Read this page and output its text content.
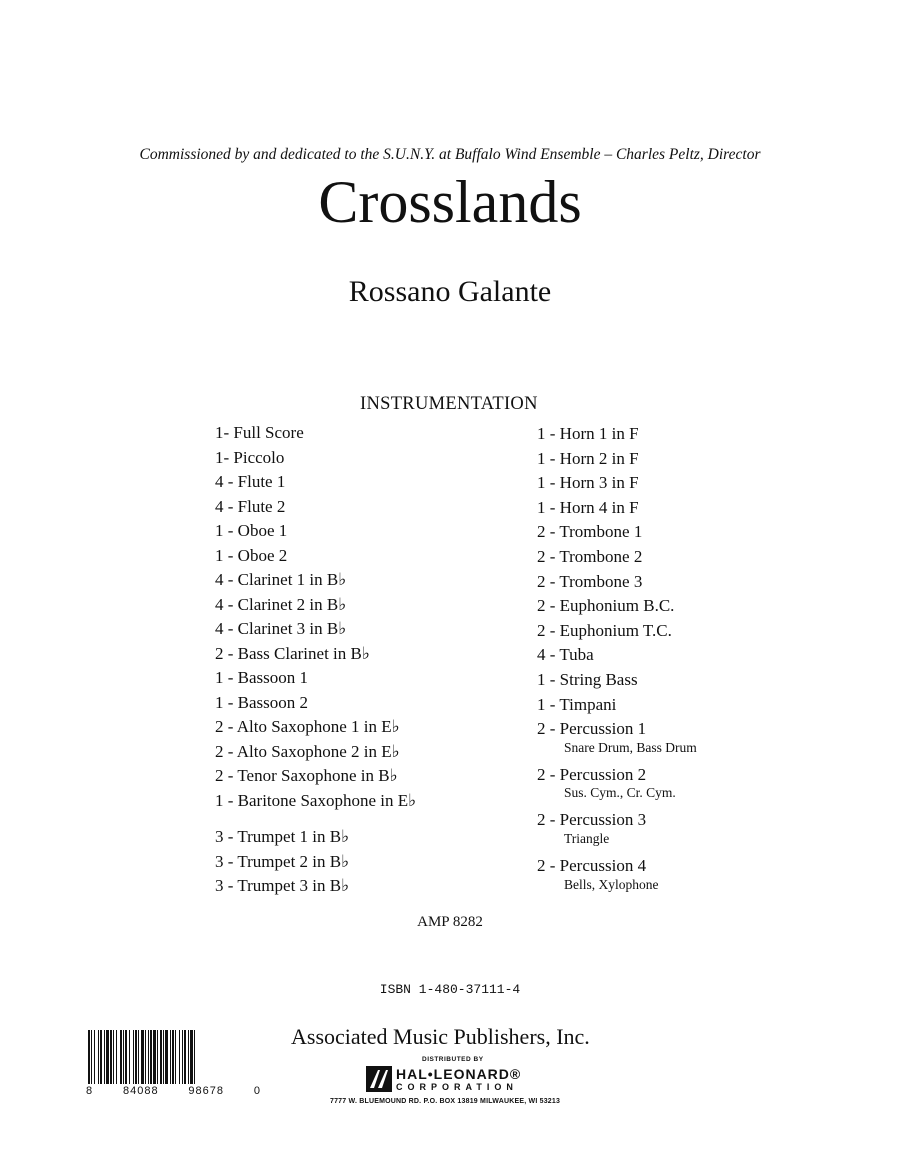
Commissioned by and dedicated to the S.U.N.Y. at Buffalo Wind Ensemble – Charles Peltz, Director
Crosslands
Rossano Galante
INSTRUMENTATION
1- Full Score
1- Piccolo
4 - Flute 1
4 - Flute 2
1 - Oboe 1
1 - Oboe 2
4 - Clarinet 1 in B♭
4 - Clarinet 2 in B♭
4 - Clarinet 3 in B♭
2 - Bass Clarinet in B♭
1 - Bassoon 1
1 - Bassoon 2
2 - Alto Saxophone 1 in E♭
2 - Alto Saxophone 2 in E♭
2 - Tenor Saxophone in B♭
1 - Baritone Saxophone in E♭
3 - Trumpet 1 in B♭
3 - Trumpet 2 in B♭
3 - Trumpet 3 in B♭
1 - Horn 1 in F
1 - Horn 2 in F
1 - Horn 3 in F
1 - Horn 4 in F
2 - Trombone 1
2 - Trombone 2
2 - Trombone 3
2 - Euphonium B.C.
2 - Euphonium T.C.
4 - Tuba
1 - String Bass
1 - Timpani
2 - Percussion 1
Snare Drum, Bass Drum
2 - Percussion 2
Sus. Cym., Cr. Cym.
2 - Percussion 3
Triangle
2 - Percussion 4
Bells, Xylophone
AMP 8282
ISBN 1-480-37111-4
8	84088	98678	0
Associated Music Publishers, Inc.
DISTRIBUTED BY
HAL•LEONARD®
CORPORATION
7777 W. BLUEMOUND RD. P.O. BOX 13819 MILWAUKEE, WI 53213
